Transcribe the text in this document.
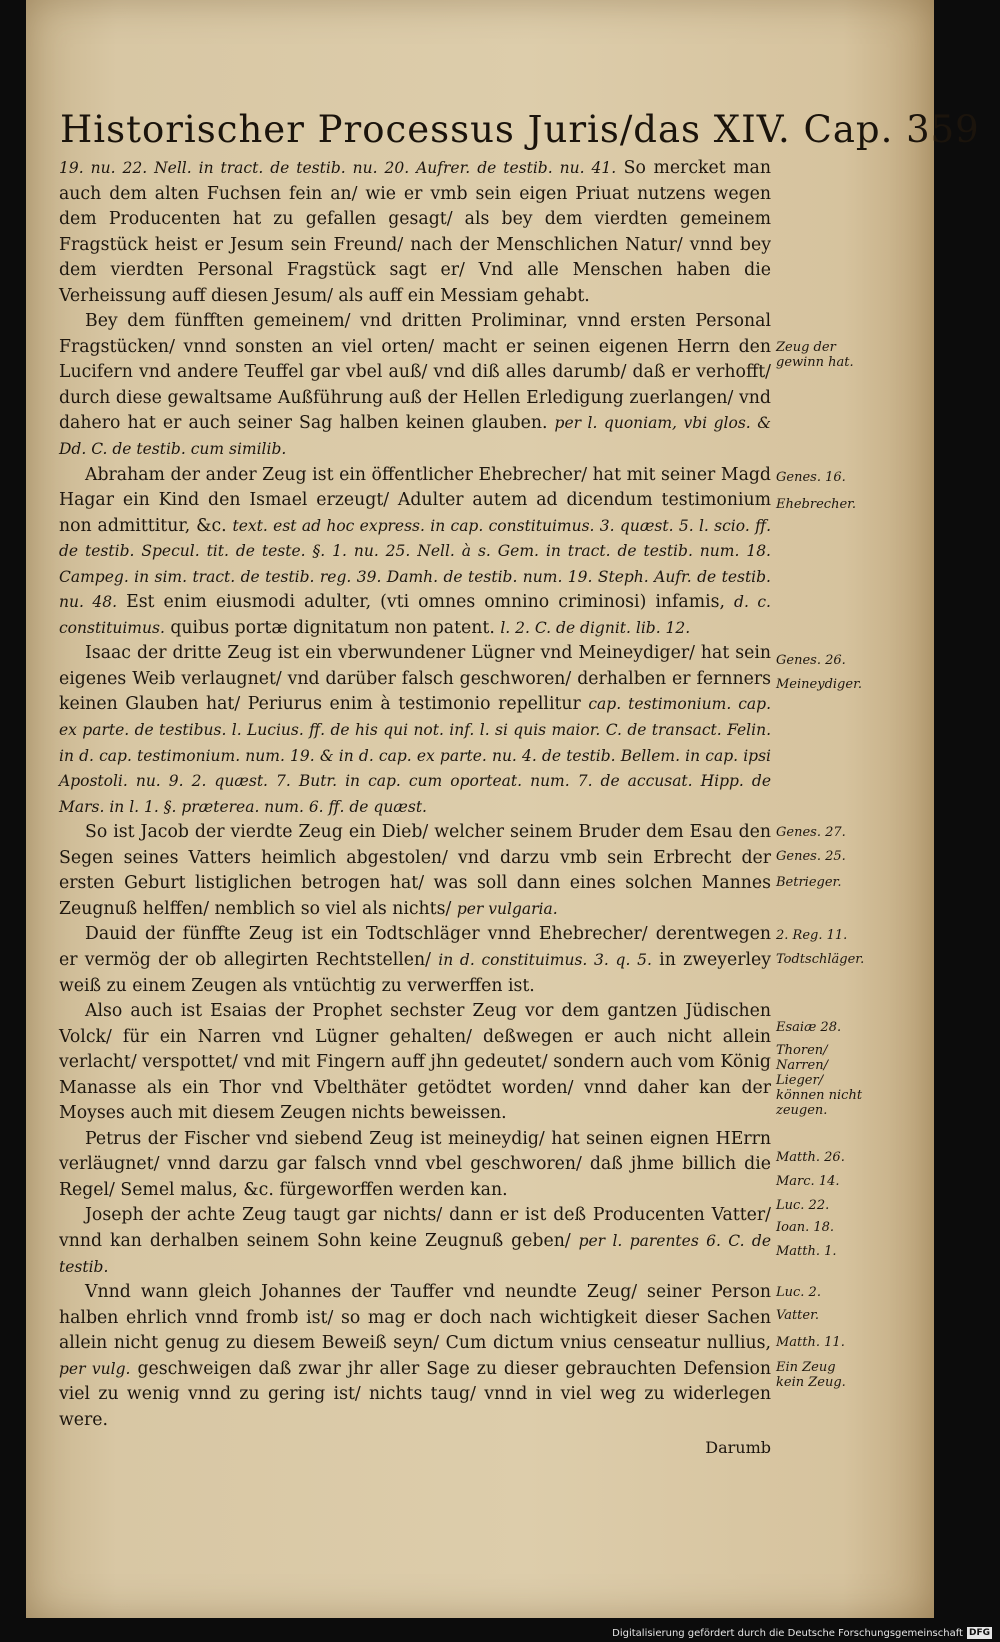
Historischer Processus Juris/das XIV. Cap. 359

19. nu. 22. Nell. in tract. de testib. nu. 20. Aufrer. de testib. nu. 41. So mercket man auch dem alten Fuchsen fein an/ wie er vmb sein eigen Priuat nutzens wegen dem Producenten hat zu gefallen gesagt/ als bey dem vierdten gemeinem Fragstück heist er Jesum sein Freund/ nach der Menschlichen Natur/ vnnd bey dem vierdten Personal Fragstück sagt er/ Vnd alle Menschen haben die Verheissung auff diesen Jesum/ als auff ein Messiam gehabt.

Bey dem fünfften gemeinem/ vnd dritten Proliminar, vnnd ersten Personal Fragstücken/ vnnd sonsten an viel orten/ macht er seinen eigenen Herrn den Lucifern vnd andere Teuffel gar vbel auß/ vnd diß alles darumb/ daß er verhofft/ durch diese gewaltsame Außführung auß der Hellen Erledigung zuerlangen/ vnd dahero hat er auch seiner Sag halben keinen glauben. per l. quoniam, vbi glos. & Dd. C. de testib. cum similib.

Abraham der ander Zeug ist ein öffentlicher Ehebrecher/ hat mit seiner Magd Hagar ein Kind den Ismael erzeugt/ Adulter autem ad dicendum testimonium non admittitur, &c. text. est ad hoc express. in cap. constituimus. 3. quæst. 5. l. scio. ff. de testib. Specul. tit. de teste. §. 1. nu. 25. Nell. à s. Gem. in tract. de testib. num. 18. Campeg. in sim. tract. de testib. reg. 39. Damh. de testib. num. 19. Steph. Aufr. de testib. nu. 48. Est enim eiusmodi adulter, (vti omnes omnino criminosi) infamis, d. c. constituimus. quibus portæ dignitatum non patent. l. 2. C. de dignit. lib. 12.

Isaac der dritte Zeug ist ein vberwundener Lügner vnd Meineydiger/ hat sein eigenes Weib verlaugnet/ vnd darüber falsch geschworen/ derhalben er fernners keinen Glauben hat/ Periurus enim à testimonio repellitur cap. testimonium. cap. ex parte. de testibus. l. Lucius. ff. de his qui not. inf. l. si quis maior. C. de transact. Felin. in d. cap. testimonium. num. 19. & in d. cap. ex parte. nu. 4. de testib. Bellem. in cap. ipsi Apostoli. nu. 9. 2. quæst. 7. Butr. in cap. cum oporteat. num. 7. de accusat. Hipp. de Mars. in l. 1. §. præterea. num. 6. ff. de quæst.

So ist Jacob der vierdte Zeug ein Dieb/ welcher seinem Bruder dem Esau den Segen seines Vatters heimlich abgestolen/ vnd darzu vmb sein Erbrecht der ersten Geburt listiglichen betrogen hat/ was soll dann eines solchen Mannes Zeugnuß helffen/ nemblich so viel als nichts/ per vulgaria.

Dauid der fünffte Zeug ist ein Todtschläger vnnd Ehebrecher/ derentwegen er vermög der ob allegirten Rechtstellen/ in d. constituimus. 3. q. 5. in zweyerley weiß zu einem Zeugen als vntüchtig zu verwerffen ist.

Also auch ist Esaias der Prophet sechster Zeug vor dem gantzen Jüdischen Volck/ für ein Narren vnd Lügner gehalten/ deßwegen er auch nicht allein verlacht/ verspottet/ vnd mit Fingern auff jhn gedeutet/ sondern auch vom König Manasse als ein Thor vnd Vbelthäter getödtet worden/ vnnd daher kan der Moyses auch mit diesem Zeugen nichts beweissen.

Petrus der Fischer vnd siebend Zeug ist meineydig/ hat seinen eignen HErrn verläugnet/ vnnd darzu gar falsch vnnd vbel geschworen/ daß jhme billich die Regel/ Semel malus, &c. fürgeworffen werden kan.

Joseph der achte Zeug taugt gar nichts/ dann er ist deß Producenten Vatter/ vnnd kan derhalben seinem Sohn keine Zeugnuß geben/ per l. parentes 6. C. de testib.

Vnnd wann gleich Johannes der Tauffer vnd neundte Zeug/ seiner Person halben ehrlich vnnd fromb ist/ so mag er doch nach wichtigkeit dieser Sachen allein nicht genug zu diesem Beweiß seyn/ Cum dictum vnius censeatur nullius, per vulg. geschweigen daß zwar jhr aller Sage zu dieser gebrauchten Defension viel zu wenig vnnd zu gering ist/ nichts taug/ vnnd in viel weg zu widerlegen were.

Darumb

Zeug der gewinn hat.
Genes. 16.
Ehebrecher.
Genes. 26.
Meineydiger.
Genes. 27.
Genes. 25.
Betrieger.
2. Reg. 11.
Todtschläger.
Esaiæ 28.
Thoren/ Narren/ Lieger/ können nicht zeugen.
Matth. 26.
Marc. 14.
Luc. 22.
Ioan. 18.
Matth. 1.
Luc. 2.
Vatter.
Matth. 11.
Ein Zeug kein Zeug.
Digitalisierung gefördert durch die Deutsche Forschungsgemeinschaft DFG
